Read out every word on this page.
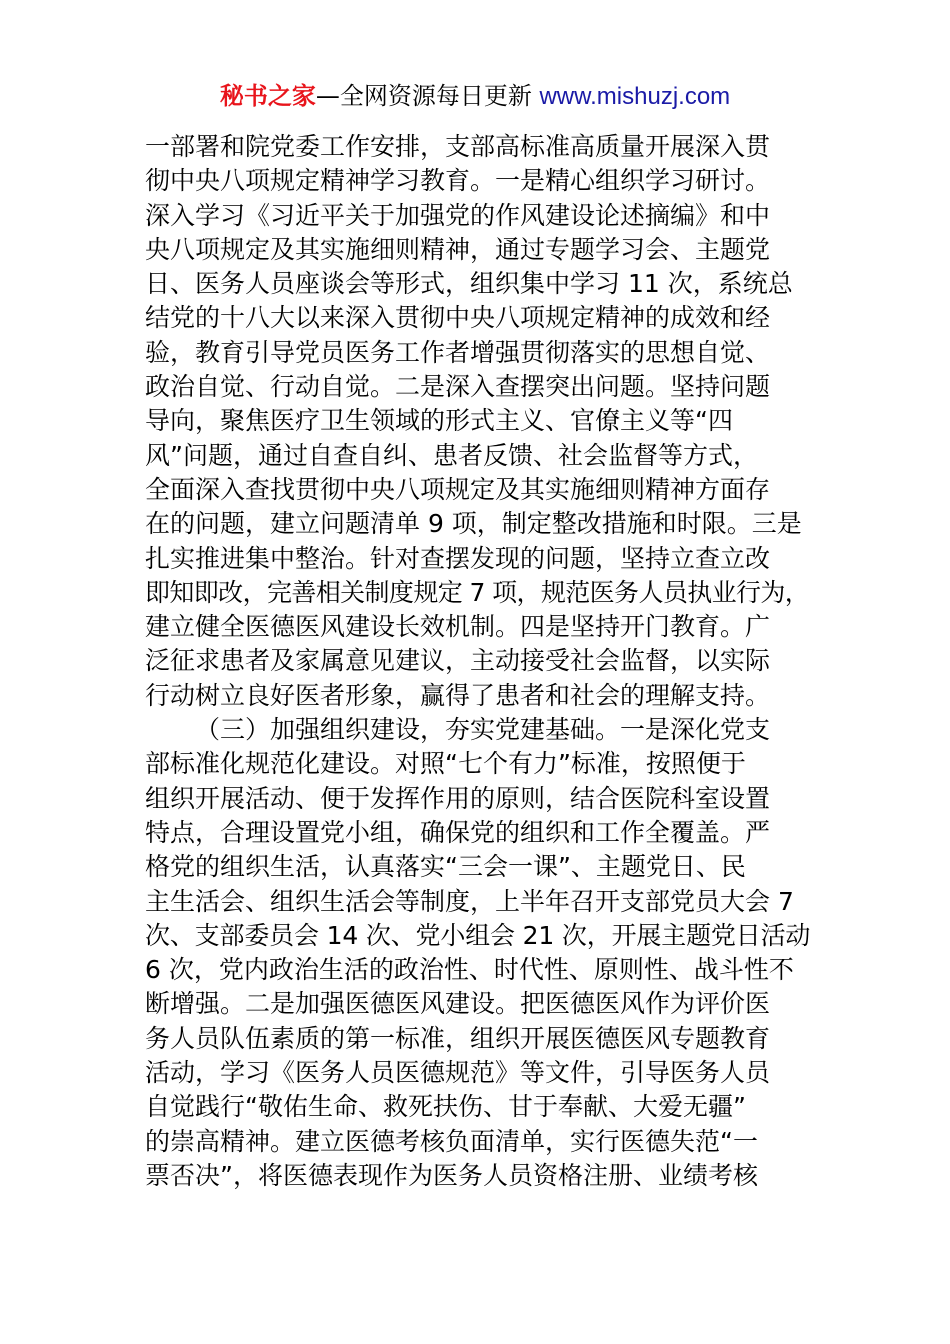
秘书之家—全网资源每日更新 www.mishuzj.com
一部署和院党委工作安排，支部高标准高质量开展深入贯
彻中央八项规定精神学习教育。一是精心组织学习研讨。
深入学习《习近平关于加强党的作风建设论述摘编》和中
央八项规定及其实施细则精神，通过专题学习会、主题党
日、医务人员座谈会等形式，组织集中学习 11 次，系统总
结党的十八大以来深入贯彻中央八项规定精神的成效和经
验，教育引导党员医务工作者增强贯彻落实的思想自觉、
政治自觉、行动自觉。二是深入查摆突出问题。坚持问题
导向，聚焦医疗卫生领域的形式主义、官僚主义等“四
风”问题，通过自查自纠、患者反馈、社会监督等方式，
全面深入查找贯彻中央八项规定及其实施细则精神方面存
在的问题，建立问题清单 9 项，制定整改措施和时限。三是
扎实推进集中整治。针对查摆发现的问题，坚持立查立改
即知即改，完善相关制度规定 7 项，规范医务人员执业行为，
建立健全医德医风建设长效机制。四是坚持开门教育。广
泛征求患者及家属意见建议，主动接受社会监督，以实际
行动树立良好医者形象，赢得了患者和社会的理解支持。
（三）加强组织建设，夯实党建基础。一是深化党支
部标准化规范化建设。对照“七个有力”标准，按照便于
组织开展活动、便于发挥作用的原则，结合医院科室设置
特点，合理设置党小组，确保党的组织和工作全覆盖。严
格党的组织生活，认真落实“三会一课”、主题党日、民
主生活会、组织生活会等制度，上半年召开支部党员大会 7
次、支部委员会 14 次、党小组会 21 次，开展主题党日活动
6 次，党内政治生活的政治性、时代性、原则性、战斗性不
断增强。二是加强医德医风建设。把医德医风作为评价医
务人员队伍素质的第一标准，组织开展医德医风专题教育
活动，学习《医务人员医德规范》等文件，引导医务人员
自觉践行“敬佑生命、救死扶伤、甘于奉献、大爱无疆”
的崇高精神。建立医德考核负面清单，实行医德失范“一
票否决”，将医德表现作为医务人员资格注册、业绩考核
